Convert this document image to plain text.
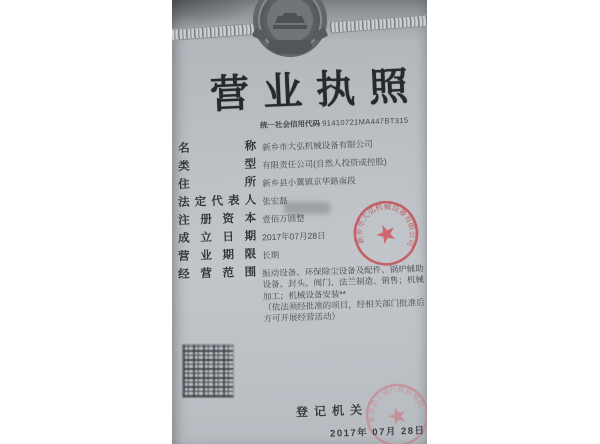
营业执照
统一社会信用代码 91410721MA447BT315
名称 新乡市大弘机械设备有限公司
类型 有限责任公司(自然人投资或控股)
住所 新乡县小冀镇京华路南段
法定代表人 张宏磊
注册资本 壹佰万圆整
成立日期 2017年07月28日
营业期限 长期
经营范围 振动设备、环保除尘设备及配件、锅炉辅助
设备、封头、阀门、法兰制造、销售；机械
加工；机械设备安装**
（依法须经批准的项目，经相关部门批准后
方可开展经营活动）
新乡市大弘机械设备有限公司
★
登记机关
新乡县工商行政管理局
★
2017年 07月 28日
